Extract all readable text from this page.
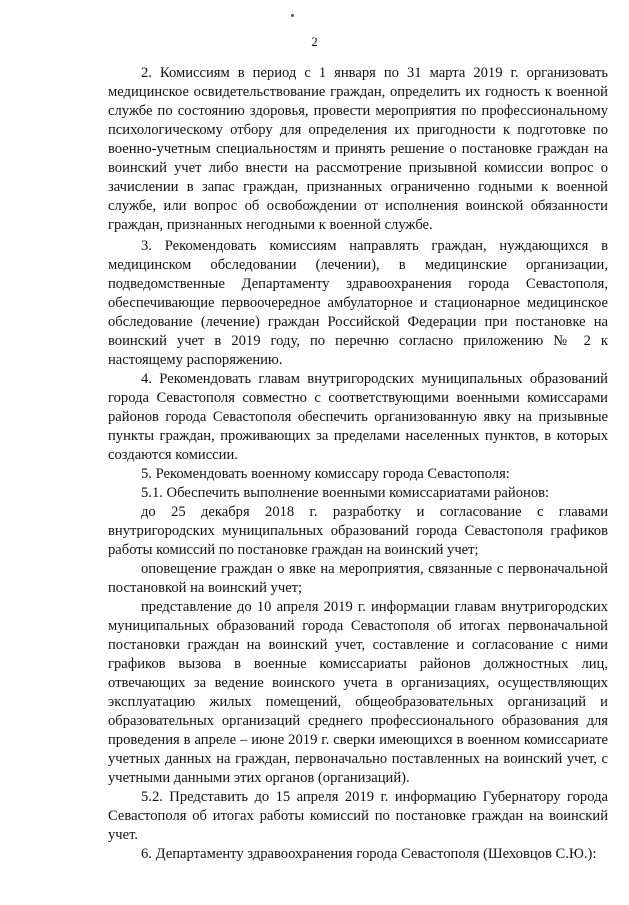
2

2. Комиссиям в период с 1 января по 31 марта 2019 г. организовать медицинское освидетельствование граждан, определить их годность к военной службе по состоянию здоровья, провести мероприятия по профессиональному психологическому отбору для определения их пригодности к подготовке по военно-учетным специальностям и принять решение о постановке граждан на воинский учет либо внести на рассмотрение призывной комиссии вопрос о зачислении в запас граждан, признанных ограниченно годными к военной службе, или вопрос об освобождении от исполнения воинской обязанности граждан, признанных негодными к военной службе.

3. Рекомендовать комиссиям направлять граждан, нуждающихся в медицинском обследовании (лечении), в медицинские организации, подведомственные Департаменту здравоохранения города Севастополя, обеспечивающие первоочередное амбулаторное и стационарное медицинское обследование (лечение) граждан Российской Федерации при постановке на воинский учет в 2019 году, по перечню согласно приложению № 2 к настоящему распоряжению.

4. Рекомендовать главам внутригородских муниципальных образований города Севастополя совместно с соответствующими военными комиссарами районов города Севастополя обеспечить организованную явку на призывные пункты граждан, проживающих за пределами населенных пунктов, в которых создаются комиссии.

5. Рекомендовать военному комиссару города Севастополя:

5.1. Обеспечить выполнение военными комиссариатами районов:

до 25 декабря 2018 г. разработку и согласование с главами внутригородских муниципальных образований города Севастополя графиков работы комиссий по постановке граждан на воинский учет;

оповещение граждан о явке на мероприятия, связанные с первоначальной постановкой на воинский учет;

представление до 10 апреля 2019 г. информации главам внутригородских муниципальных образований города Севастополя об итогах первоначальной постановки граждан на воинский учет, составление и согласование с ними графиков вызова в военные комиссариаты районов должностных лиц, отвечающих за ведение воинского учета в организациях, осуществляющих эксплуатацию жилых помещений, общеобразовательных организаций и образовательных организаций среднего профессионального образования для проведения в апреле – июне 2019 г. сверки имеющихся в военном комиссариате учетных данных на граждан, первоначально поставленных на воинский учет, с учетными данными этих органов (организаций).

5.2. Представить до 15 апреля 2019 г. информацию Губернатору города Севастополя об итогах работы комиссий по постановке граждан на воинский учет.

6. Департаменту здравоохранения города Севастополя (Шеховцов С.Ю.):
